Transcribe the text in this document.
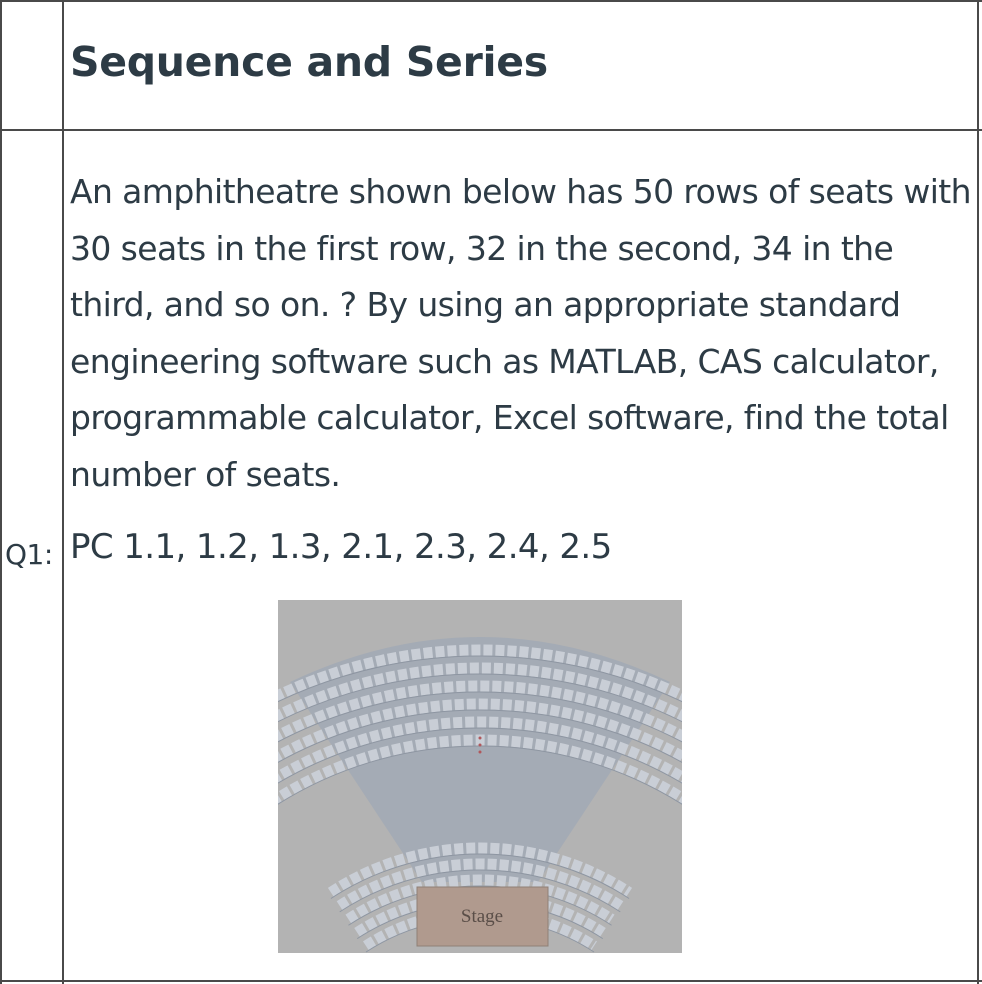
Sequence and Series
An amphitheatre shown below has 50 rows of seats with 30 seats in the first row, 32 in the second, 34 in the third, and so on. ? By using an appropriate standard engineering software such as MATLAB, CAS calculator, programmable calculator, Excel software, find the total number of seats.
Q1: PC 1.1, 1.2, 1.3, 2.1, 2.3, 2.4, 2.5
Stage
